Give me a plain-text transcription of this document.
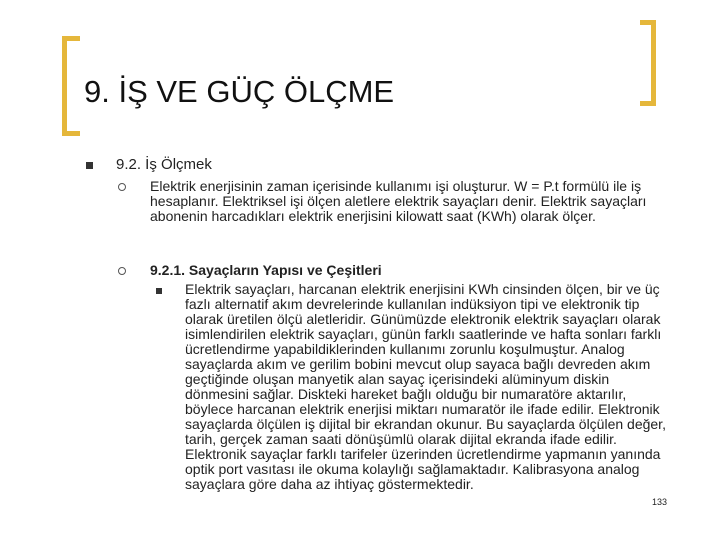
9. İŞ VE GÜÇ ÖLÇME
9.2. İş Ölçmek

Elektrik enerjisinin zaman içerisinde kullanımı işi oluşturur. W = P.t formülü ile iş hesaplanır. Elektriksel işi ölçen aletlere elektrik sayaçları denir. Elektrik sayaçları abonenin harcadıkları elektrik enerjisini kilowatt saat (KWh) olarak ölçer.

9.2.1. Sayaçların Yapısı ve Çeşitleri

Elektrik sayaçları, harcanan elektrik enerjisini KWh cinsinden ölçen, bir ve üç fazlı alternatif akım devrelerinde kullanılan indüksiyon tipi ve elektronik tip olarak üretilen ölçü aletleridir. Günümüzde elektronik elektrik sayaçları olarak isimlendirilen elektrik sayaçları, günün farklı saatlerinde ve hafta sonları farklı ücretlendirme yapabildiklerinden kullanımı zorunlu koşulmuştur. Analog sayaçlarda akım ve gerilim bobini mevcut olup sayaca bağlı devreden akım geçtiğinde oluşan manyetik alan sayaç içerisindeki alüminyum diskin dönmesini sağlar. Diskteki hareket bağlı olduğu bir numaratöre aktarılır, böylece harcanan elektrik enerjisi miktarı numaratör ile ifade edilir. Elektronik sayaçlarda ölçülen iş dijital bir ekrandan okunur. Bu sayaçlarda ölçülen değer, tarih, gerçek zaman saati dönüşümlü olarak dijital ekranda ifade edilir. Elektronik sayaçlar farklı tarifeler üzerinden ücretlendirme yapmanın yanında optik port vasıtası ile okuma kolaylığı sağlamaktadır. Kalibrasyona analog sayaçlara göre daha az ihtiyaç göstermektedir.

133
